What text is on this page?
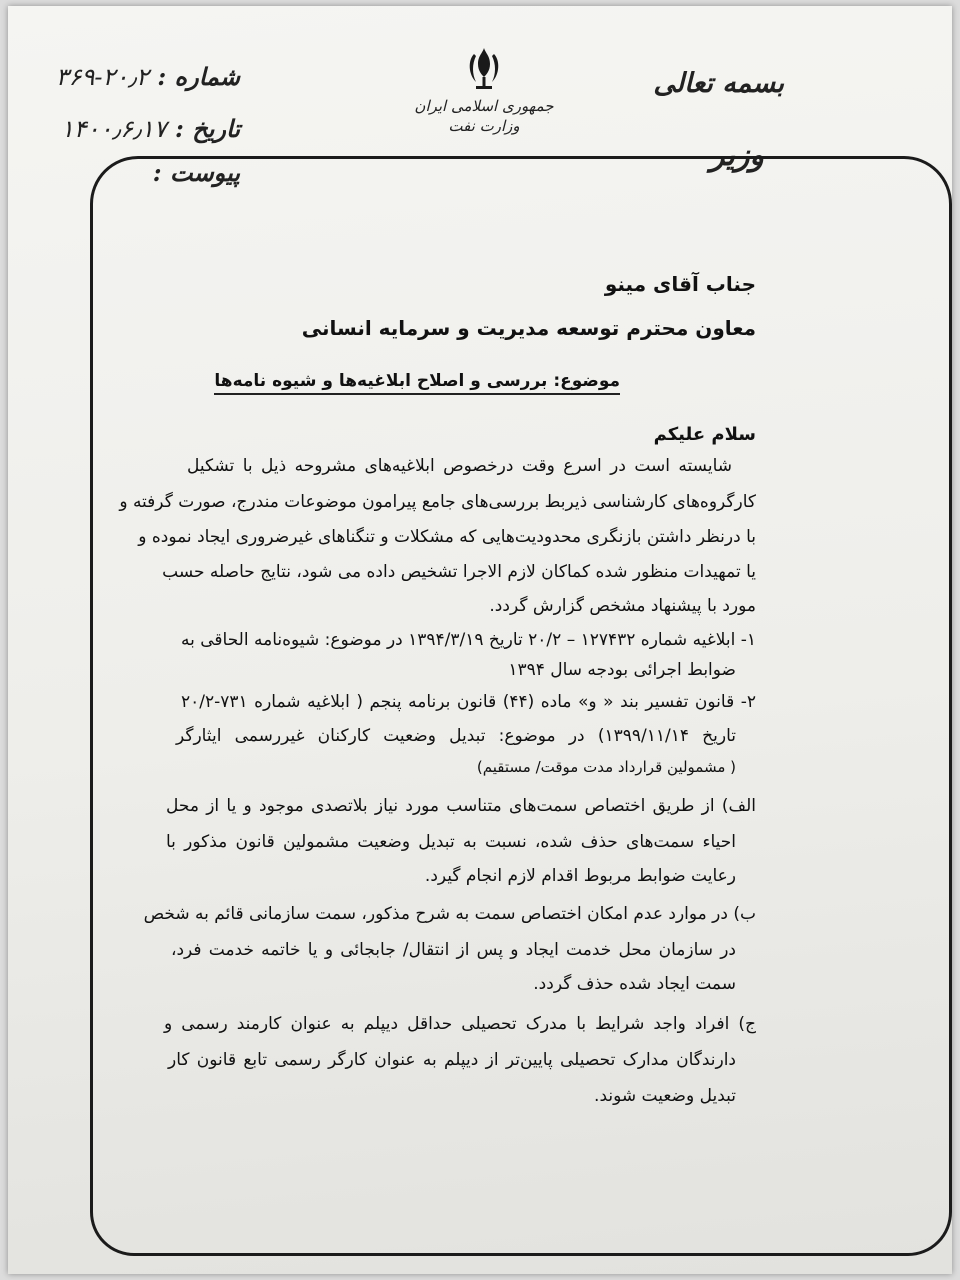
بسمه تعالی
وزیر
جمهوری اسلامی ایران
وزارت نفت
شماره : ۲۰٫۲-۳۶۹
تاریخ : ۱۴۰۰٫۶٫۱۷
پیوست :
جناب آقای مینو
معاون محترم توسعه مدیریت و سرمایه انسانی
موضوع: بررسی و اصلاح ابلاغیه‌ها و شیوه نامه‌ها
سلام علیکم
شایسته است در اسرع وقت درخصوص ابلاغیه‌های مشروحه ذیل با تشکیل
کارگروه‌های کارشناسی ذیربط بررسی‌های جامع پیرامون موضوعات مندرج، صورت گرفته و
با درنظر داشتن بازنگری محدودیت‌هایی که مشکلات و تنگناهای غیرضروری ایجاد نموده و
یا تمهیدات منظور شده کماکان لازم الاجرا تشخیص داده می شود، نتایج حاصله حسب
مورد با پیشنهاد مشخص گزارش گردد.
۱- ابلاغیه شماره ۱۲۷۴۳۲ – ۲۰/۲ تاریخ ۱۳۹۴/۳/۱۹ در موضوع: شیوه‌نامه الحاقی به
ضوابط اجرائی بودجه سال ۱۳۹۴
۲- قانون تفسیر بند « و» ماده (۴۴) قانون برنامه پنجم ( ابلاغیه شماره ۷۳۱-۲۰/۲
تاریخ ۱۳۹۹/۱۱/۱۴) در موضوع: تبدیل وضعیت کارکنان غیررسمی ایثارگر
( مشمولین قرارداد مدت موقت/ مستقیم)
الف) از طریق اختصاص سمت‌های متناسب مورد نیاز بلاتصدی موجود و یا از محل
احیاء سمت‌های حذف شده، نسبت به تبدیل وضعیت مشمولین قانون مذکور با
رعایت ضوابط مربوط اقدام لازم انجام گیرد.
ب) در موارد عدم امکان اختصاص سمت به شرح مذکور، سمت سازمانی قائم به شخص
در سازمان محل خدمت ایجاد و پس از انتقال/ جابجائی و یا خاتمه خدمت فرد،
سمت ایجاد شده حذف گردد.
ج) افراد واجد شرایط با مدرک تحصیلی حداقل دیپلم به عنوان کارمند رسمی و
دارندگان مدارک تحصیلی پایین‌تر از دیپلم به عنوان کارگر رسمی تابع قانون کار
تبدیل وضعیت شوند.
